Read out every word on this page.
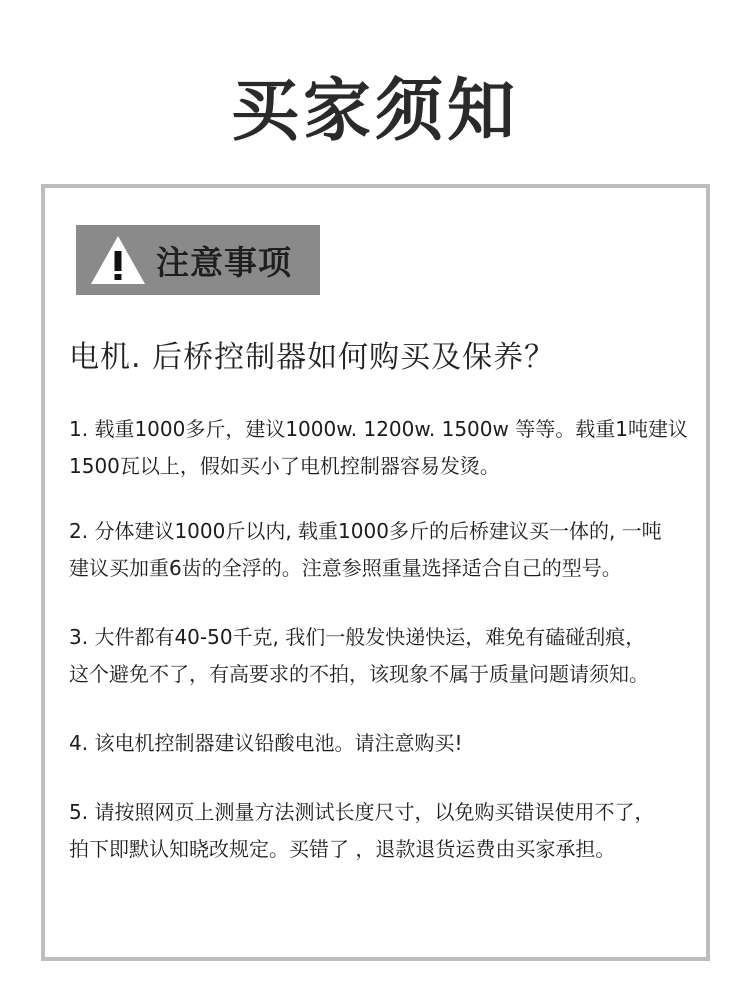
买家须知
注意事项
电机. 后桥控制器如何购买及保养？
1. 载重1000多斤，建议1000w. 1200w. 1500w 等等。载重1吨建议
1500瓦以上，假如买小了电机控制器容易发烫。
2. 分体建议1000斤以内, 载重1000多斤的后桥建议买一体的, 一吨
建议买加重6齿的全浮的。注意参照重量选择适合自己的型号。
3. 大件都有40-50千克, 我们一般发快递快运，难免有磕碰刮痕，
这个避免不了，有高要求的不拍，该现象不属于质量问题请须知。
4. 该电机控制器建议铅酸电池。请注意购买!
5. 请按照网页上测量方法测试长度尺寸，以免购买错误使用不了，
拍下即默认知晓改规定。买错了 ，退款退货运费由买家承担。
